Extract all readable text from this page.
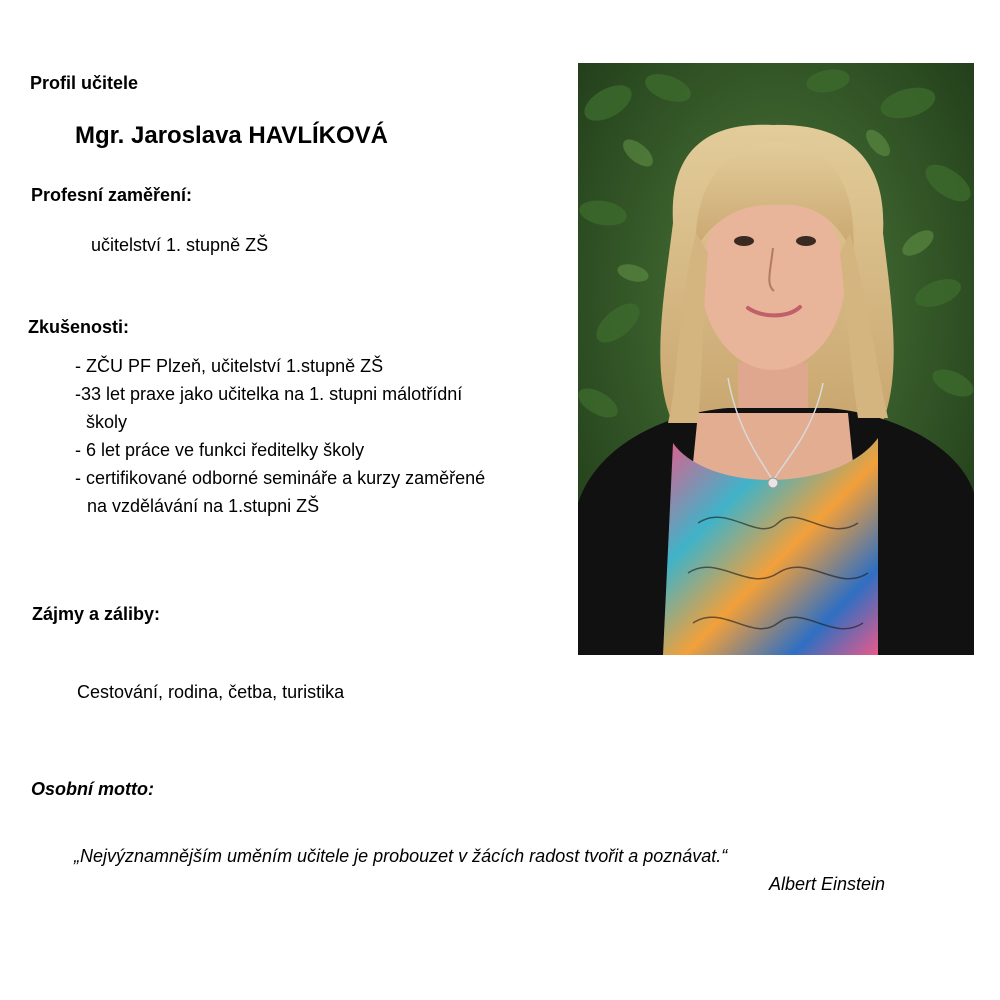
Profil učitele
Mgr. Jaroslava HAVLÍKOVÁ
Profesní zaměření:
učitelství 1. stupně ZŠ
Zkušenosti:
- ZČU PF Plzeň, učitelství 1.stupně ZŠ
-33 let praxe jako učitelka na 1. stupni málotřídní
školy
- 6 let práce ve funkci ředitelky školy
- certifikované odborné semináře a kurzy zaměřené
na vzdělávání na 1.stupni ZŠ
Zájmy a záliby:
Cestování, rodina, četba, turistika
Osobní motto:
„Nejvýznamnějším uměním učitele je probouzet v žácích radost tvořit a poznávat.“
Albert Einstein
